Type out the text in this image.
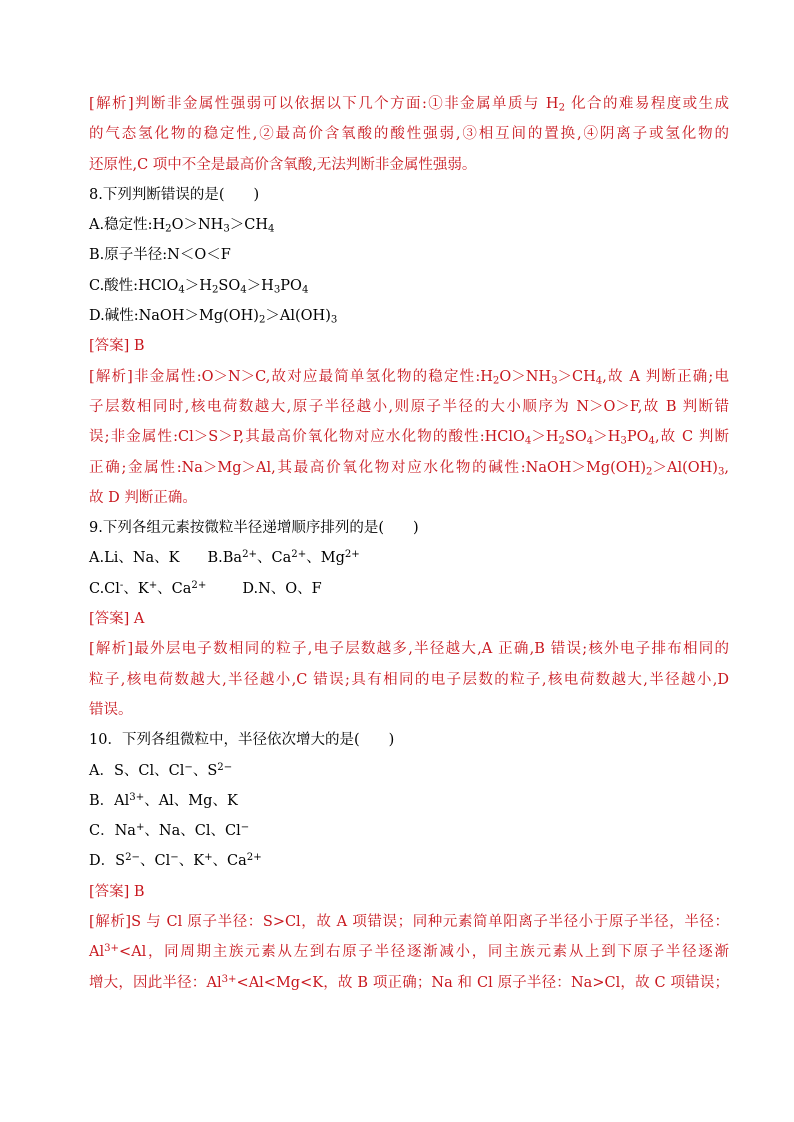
[解析]判断非金属性强弱可以依据以下几个方面:①非金属单质与 $H_2$ 化合的难易程度或生成

的气态氢化物的稳定性,②最高价含氧酸的酸性强弱,③相互间的置换,④阴离子或氢化物的

还原性,C 项中不全是最高价含氧酸,无法判断非金属性强弱。

8.下列判断错误的是(　　)

A.稳定性$:H_2O>NH_3>CH_4$

B.原子半径:N＜O＜F

C.酸性$:HClO_4>H_2SO_4>H_3PO_4$

D.碱性$:NaOH>Mg(OH)_2>Al(OH)_3$

[答案] B

[解析]非金属性:O＞N＞C,故对应最简单氢化物的稳定性$:H_2O>NH_3>CH_4$,故 A 判断正确;电

子层数相同时,核电荷数越大,原子半径越小,则原子半径的大小顺序为 N＞O＞F,故 B 判断错

误;非金属性:Cl＞S＞P,其最高价氧化物对应水化物的酸性$:HClO_4>H_2SO_4>H_3PO_4$,故 C 判断

正确;金属性:Na＞Mg＞Al,其最高价氧化物对应水化物的碱性$:NaOH>Mg(OH)_2>Al(OH)_3$,

故 D 判断正确。

9.下列各组元素按微粒半径递增顺序排列的是(　　)

A.Li、Na、K $B.Ba^{2+}$、$Ca^{2+}$、$Mg^{2+}$

C.Cl-、K+、$Ca^{2+}$ D.N、O、F

[答案] A

[解析]最外层电子数相同的粒子,电子层数越多,半径越大,A 正确,B 错误;核外电子排布相同的

粒子,核电荷数越大,半径越小,C 错误;具有相同的电子层数的粒子,核电荷数越大,半径越小,D

错误。

10．下列各组微粒中，半径依次增大的是(　　)

A．S、Cl、Cl−、$S^{2-}$

B．$Al^{3+}$、Al、Mg、K

C．Na+、Na、Cl、Cl−

D．$S^{2-}$、Cl−、K+、$Ca^{2+}$

[答案] B

[解析]S 与 Cl 原子半径：S>Cl，故 A 项错误；同种元素简单阳离子半径小于原子半径，半径：

$Al^{3+}<Al$，同周期主族元素从左到右原子半径逐渐减小，同主族元素从上到下原子半径逐渐

增大，因此半径：$Al^{3+}<Al<Mg<K$，故 B 项正确；Na 和 Cl 原子半径：Na>Cl，故 C 项错误；
